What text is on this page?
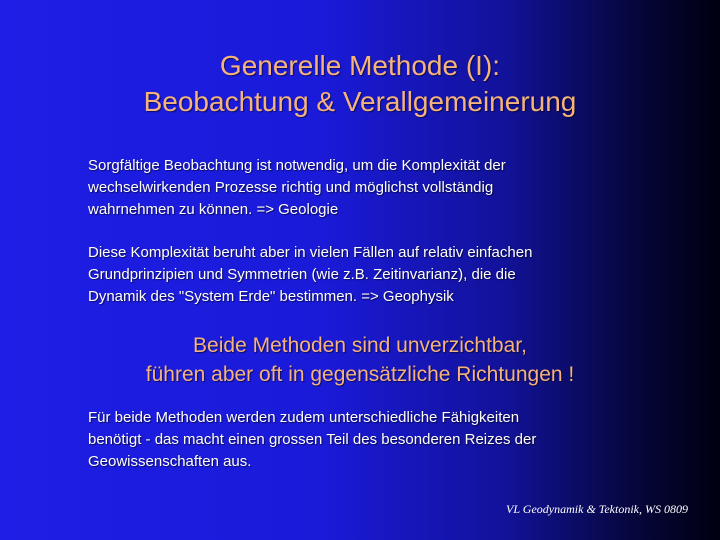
Generelle Methode (I):
Beobachtung & Verallgemeinerung
Sorgfältige Beobachtung ist notwendig, um die Komplexität der
wechselwirkenden Prozesse richtig und möglichst vollständig
wahrnehmen zu können. => Geologie
Diese Komplexität beruht aber in vielen Fällen auf relativ einfachen
Grundprinzipien und Symmetrien (wie z.B. Zeitinvarianz), die die
Dynamik des "System Erde" bestimmen. => Geophysik
Beide Methoden sind unverzichtbar,
führen aber oft in gegensätzliche Richtungen !
Für beide Methoden werden zudem unterschiedliche Fähigkeiten
benötigt - das macht einen grossen Teil des besonderen Reizes der
Geowissenschaften aus.
VL Geodynamik & Tektonik, WS 0809
